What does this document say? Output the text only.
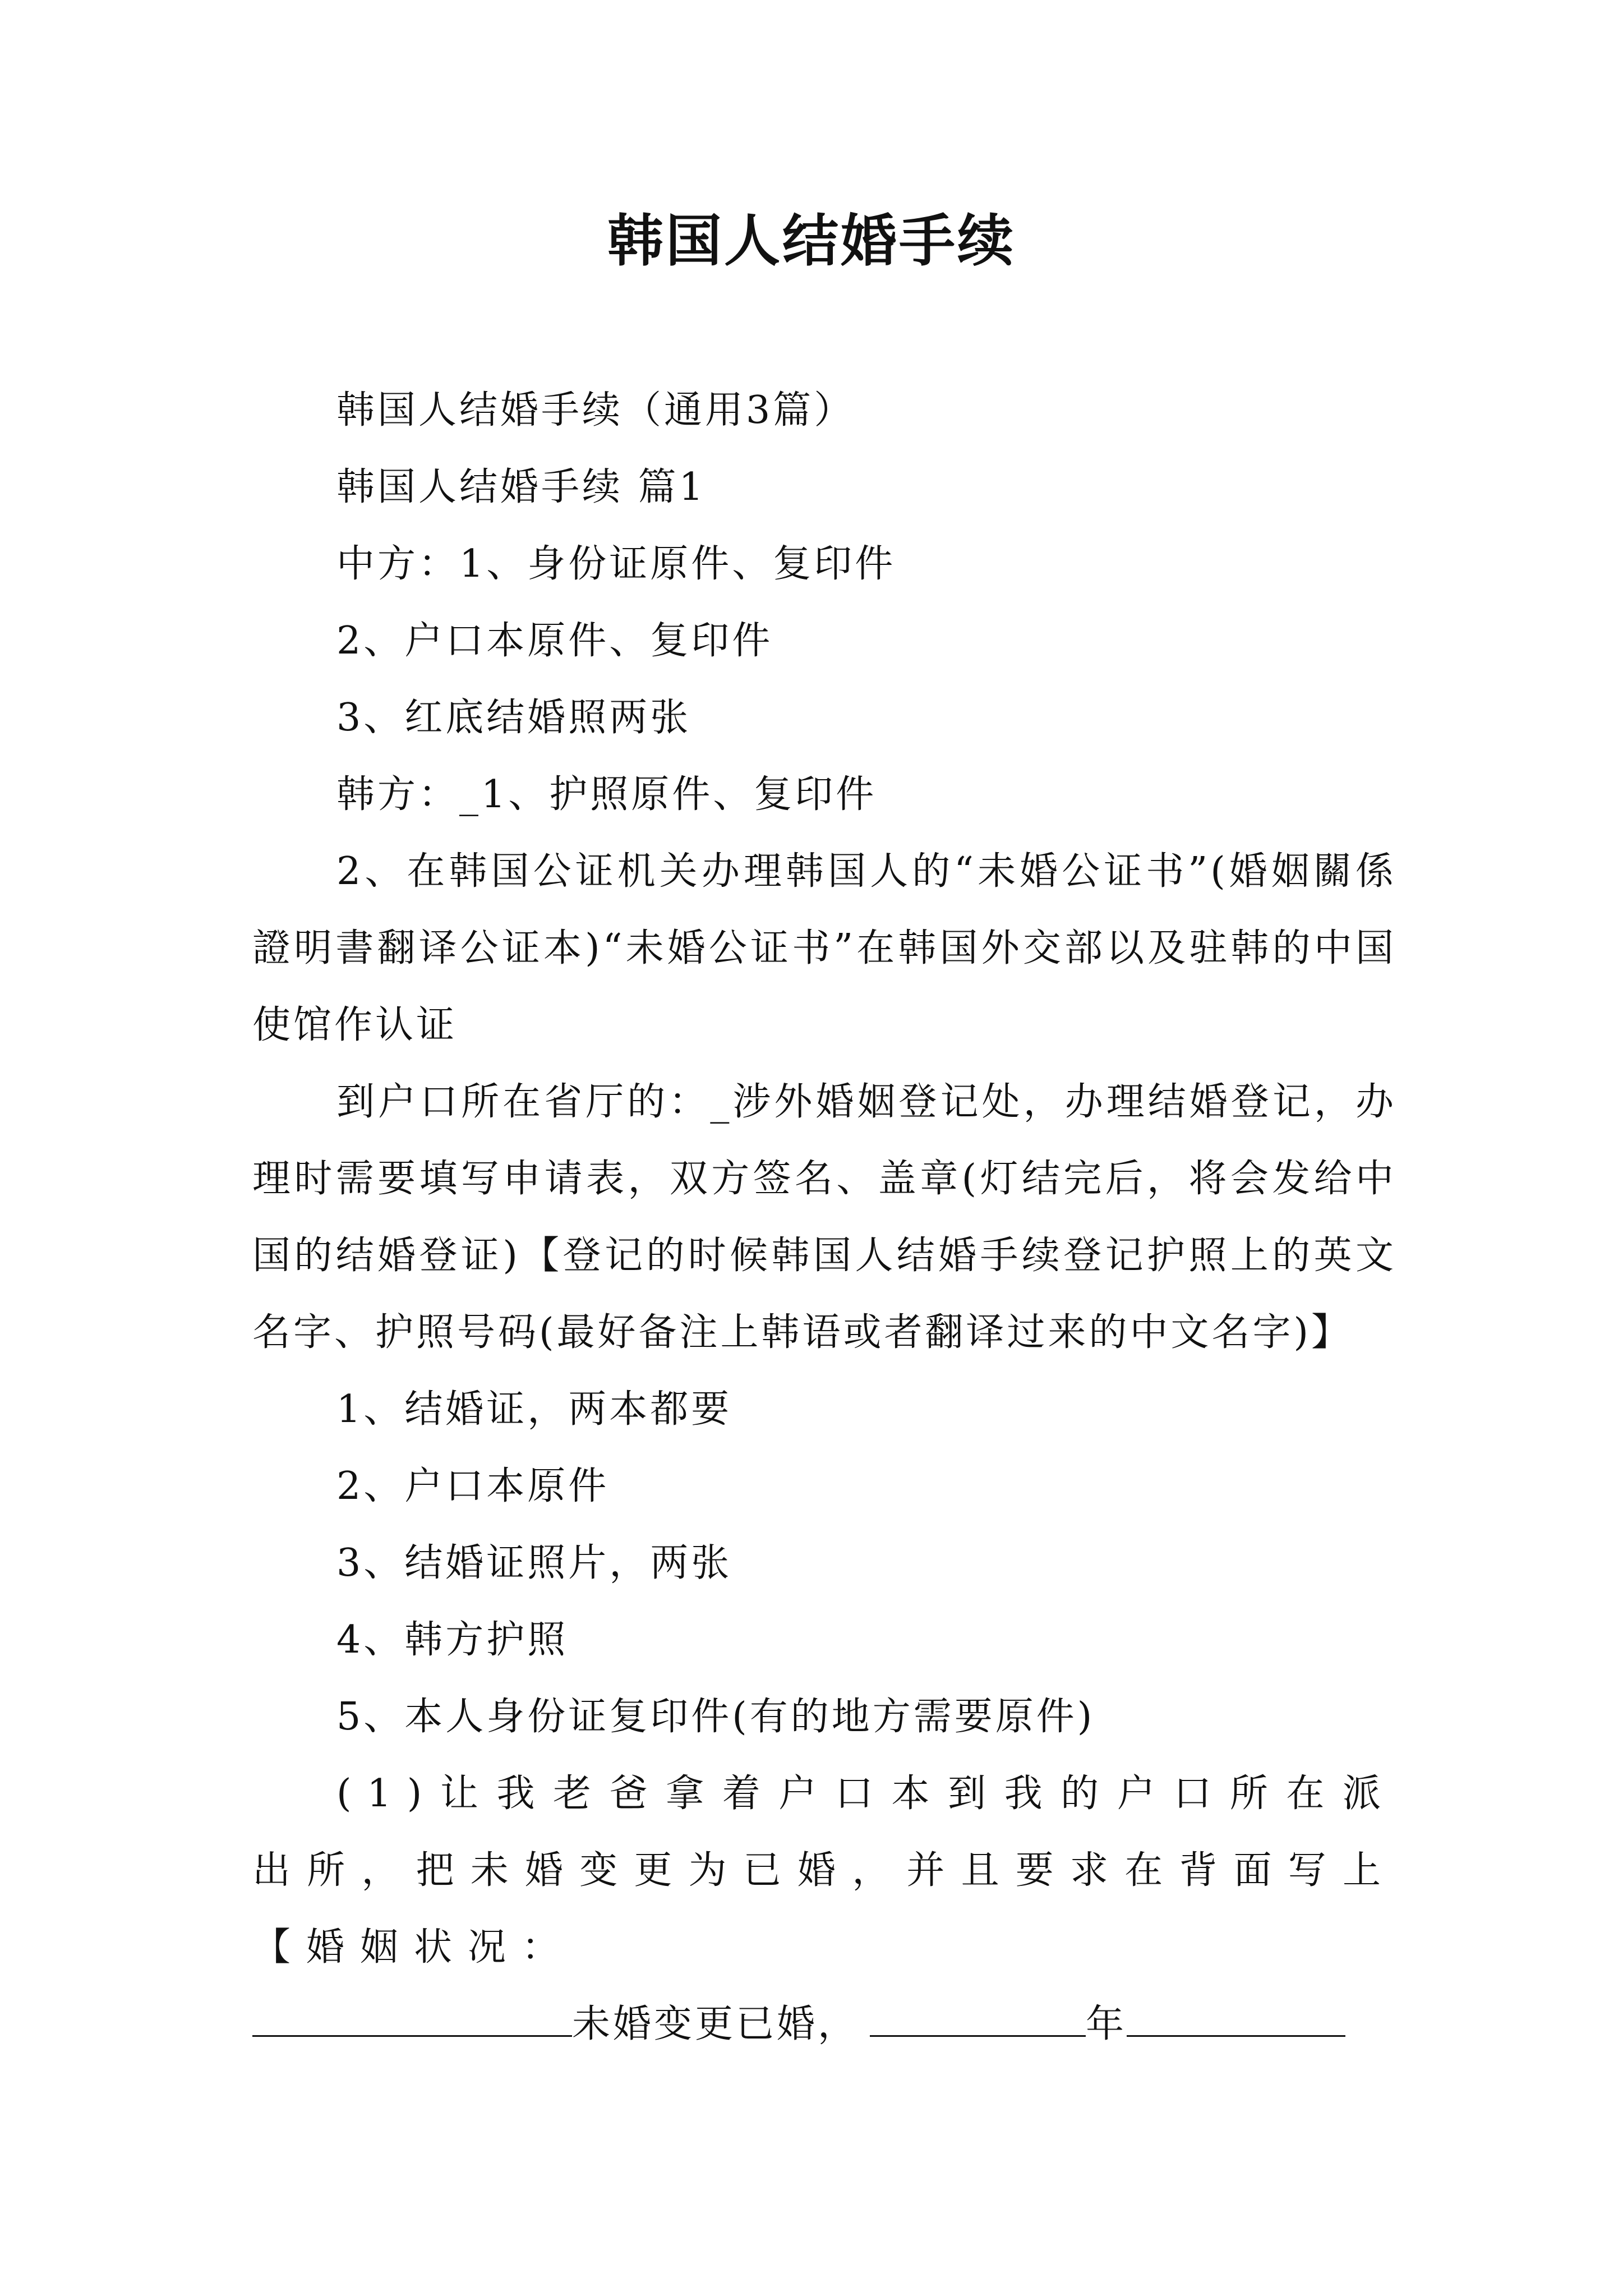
韩国人结婚手续

韩国人结婚手续（通用3篇）

韩国人结婚手续 篇1

中方：1、身份证原件、复印件

2、户口本原件、复印件

3、红底结婚照两张

韩方：_1、护照原件、复印件

2、在韩国公证机关办理韩国人的“未婚公证书”(婚姻關係證明書翻译公证本)“未婚公证书”在韩国外交部以及驻韩的中国使馆作认证

到户口所在省厅的：_涉外婚姻登记处，办理结婚登记，办理时需要填写申请表，双方签名、盖章(灯结完后，将会发给中国的结婚登证)【登记的时候韩国人结婚手续登记护照上的英文名字、护照号码(最好备注上韩语或者翻译过来的中文名字)】

1、结婚证，两本都要

2、户口本原件

3、结婚证照片，两张

4、韩方护照

5、本人身份证复印件(有的地方需要原件)

(1)让我老爸拿着户口本到我的户口所在派出所，把未婚变更为已婚，并且要求在背面写上【婚姻状况：

未婚变更已婚，	年
